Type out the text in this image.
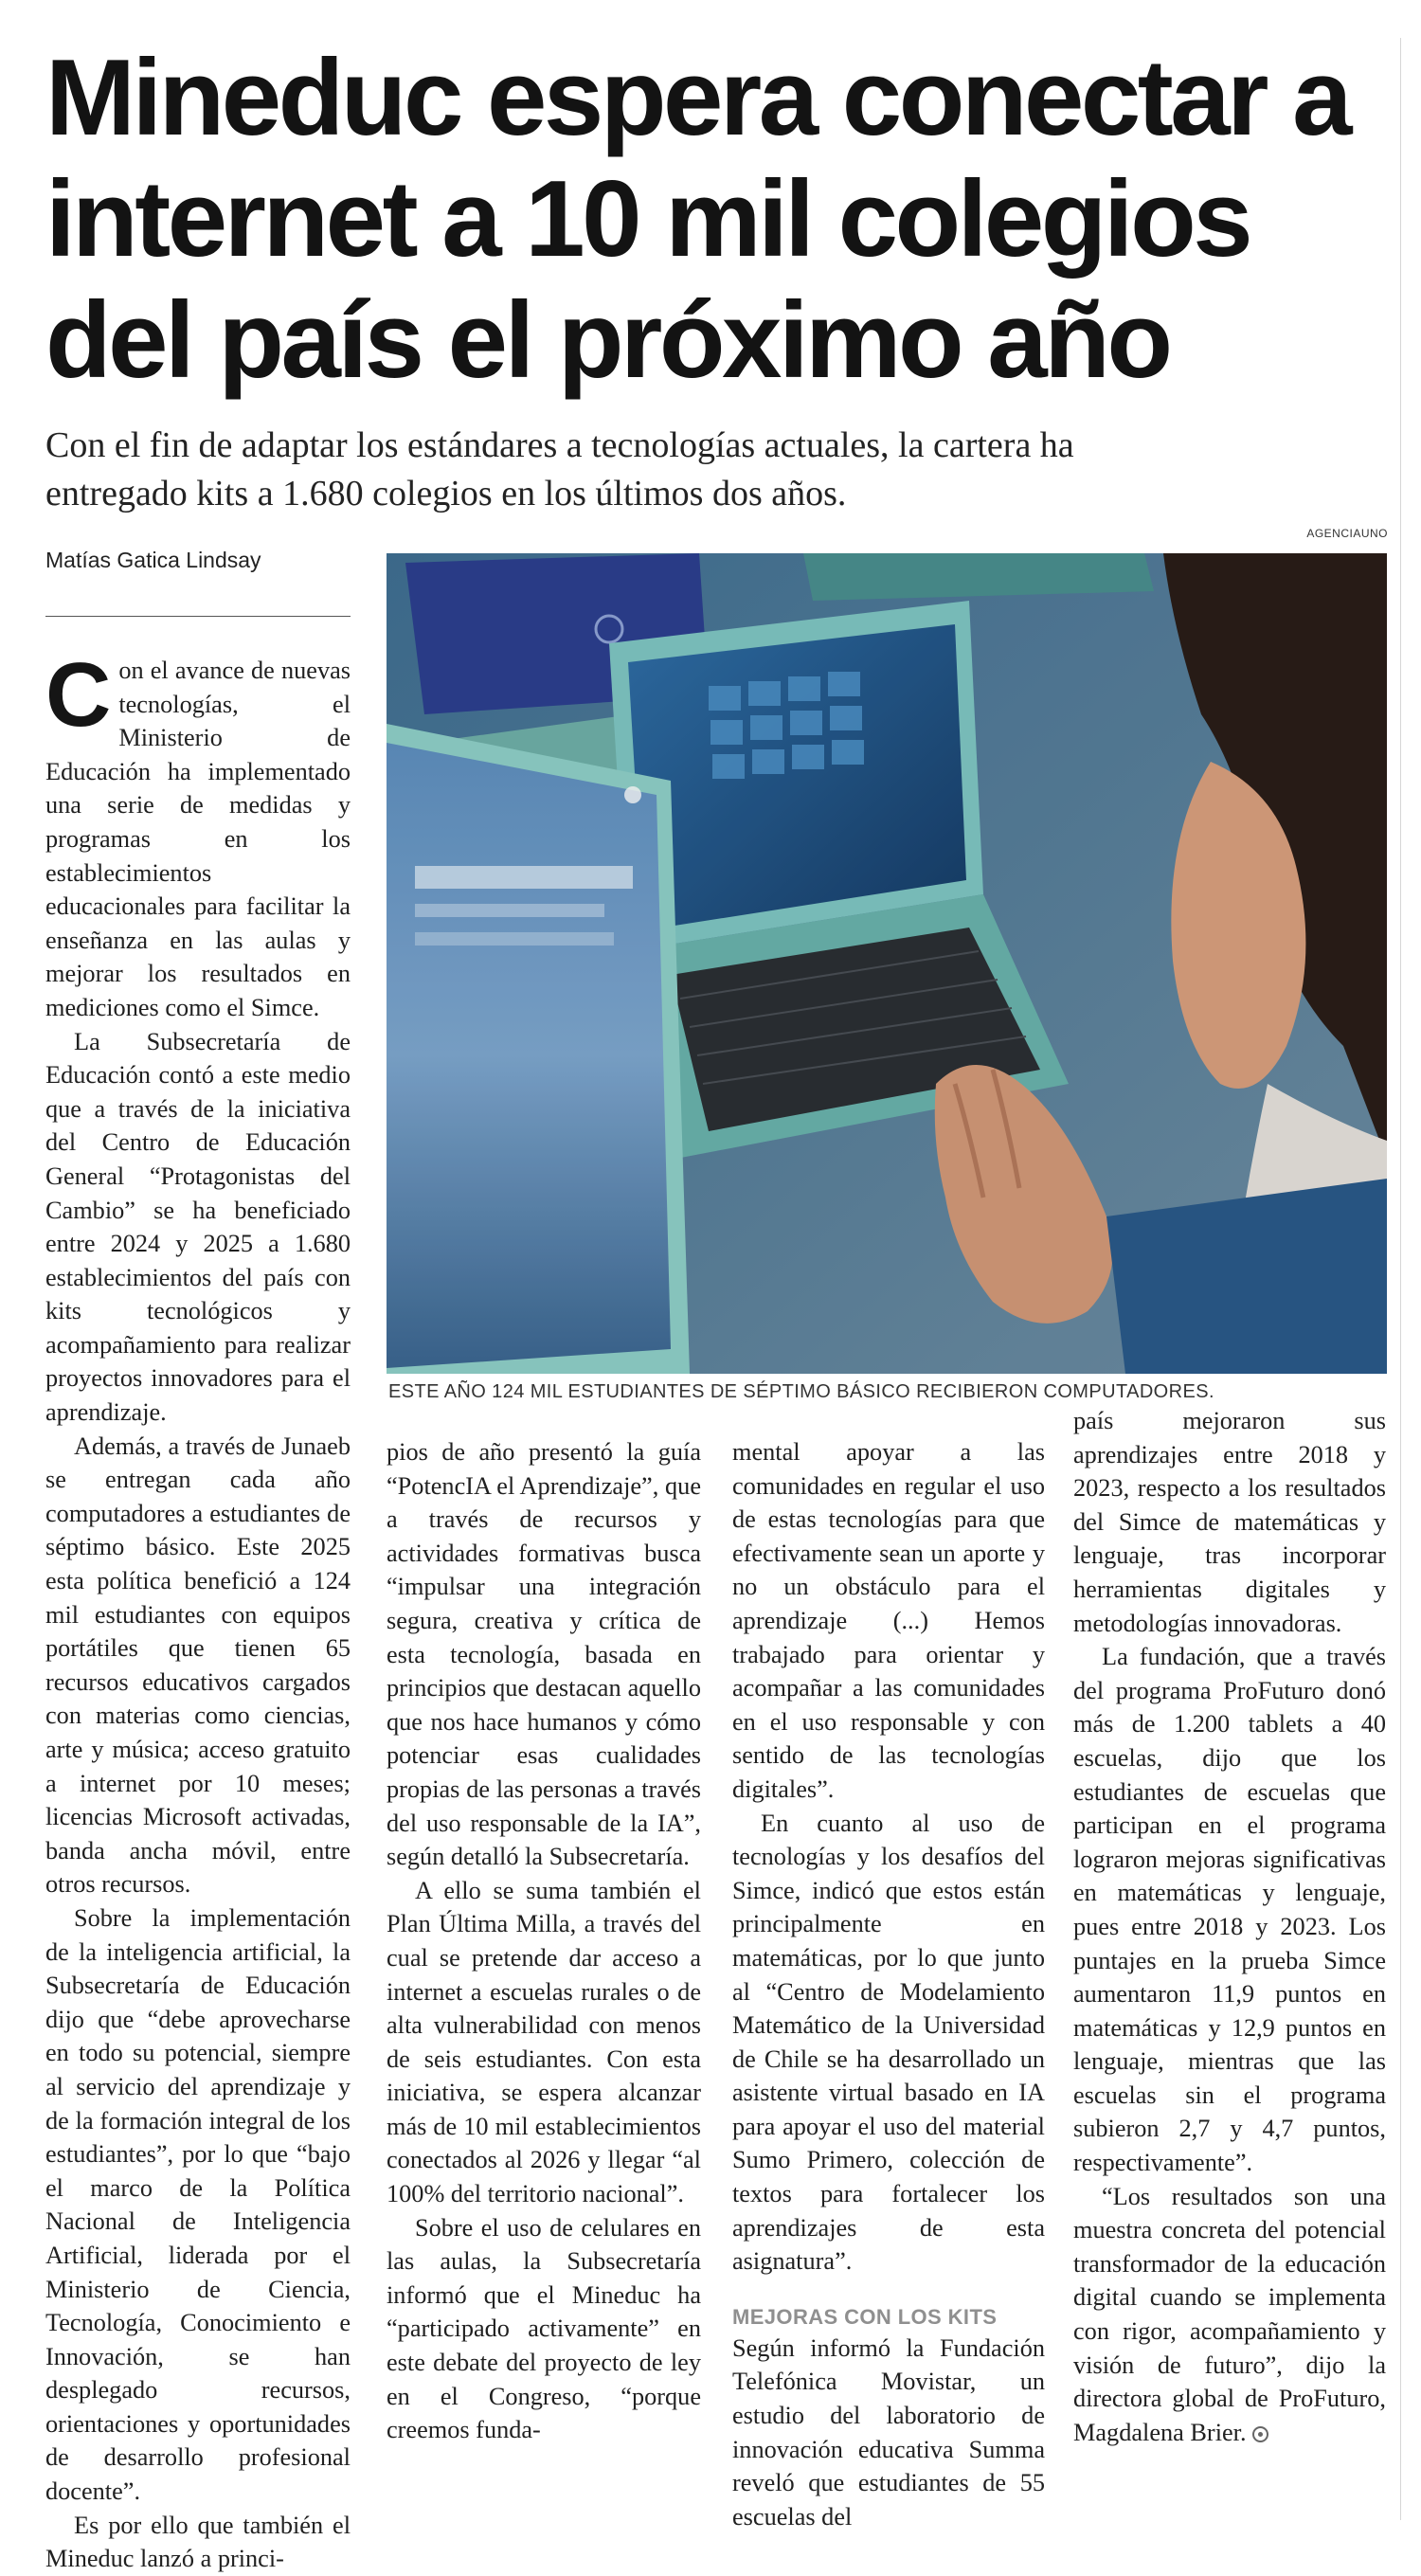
Mineduc espera conectar a
internet a 10 mil colegios
del país el próximo año

Con el fin de adaptar los estándares a tecnologías actuales, la cartera ha
entregado kits a 1.680 colegios en los últimos dos años.

Matías Gatica Lindsay
AGENCIAUNO
ESTE AÑO 124 MIL ESTUDIANTES DE SÉPTIMO BÁSICO RECIBIERON COMPUTADORES.

Con el avance de nuevas tecnologías, el Ministerio de Educación ha implementado una serie de medidas y programas en los establecimientos educacionales para facilitar la enseñanza en las aulas y mejorar los resultados en mediciones como el Simce.

La Subsecretaría de Educación contó a este medio que a través de la iniciativa del Centro de Educación General “Protagonistas del Cambio” se ha beneficiado entre 2024 y 2025 a 1.680 establecimientos del país con kits tecnológicos y acompañamiento para realizar proyectos innovadores para el aprendizaje.

Además, a través de Junaeb se entregan cada año computadores a estudiantes de séptimo básico. Este 2025 esta política benefició a 124 mil estudiantes con equipos portátiles que tienen 65 recursos educativos cargados con materias como ciencias, arte y música; acceso gratuito a internet por 10 meses; licencias Microsoft activadas, banda ancha móvil, entre otros recursos.

Sobre la implementación de la inteligencia artificial, la Subsecretaría de Educación dijo que “debe aprovecharse en todo su potencial, siempre al servicio del aprendizaje y de la formación integral de los estudiantes”, por lo que “bajo el marco de la Política Nacional de Inteligencia Artificial, liderada por el Ministerio de Ciencia, Tecnología, Conocimiento e Innovación, se han desplegado recursos, orientaciones y oportunidades de desarrollo profesional docente”.

Es por ello que también el Mineduc lanzó a princi-

pios de año presentó la guía “PotencIA el Aprendizaje”, que a través de recursos y actividades formativas busca “impulsar una integración segura, creativa y crítica de esta tecnología, basada en principios que destacan aquello que nos hace humanos y cómo potenciar esas cualidades propias de las personas a través del uso responsable de la IA”, según detalló la Subsecretaría.

A ello se suma también el Plan Última Milla, a través del cual se pretende dar acceso a internet a escuelas rurales o de alta vulnerabilidad con menos de seis estudiantes. Con esta iniciativa, se espera alcanzar más de 10 mil establecimientos conectados al 2026 y llegar “al 100% del territorio nacional”.

Sobre el uso de celulares en las aulas, la Subsecretaría informó que el Mineduc ha “participado activamente” en este debate del proyecto de ley en el Congreso, “porque creemos funda-

mental apoyar a las comunidades en regular el uso de estas tecnologías para que efectivamente sean un aporte y no un obstáculo para el aprendizaje (...) Hemos trabajado para orientar y acompañar a las comunidades en el uso responsable y con sentido de las tecnologías digitales”.

En cuanto al uso de tecnologías y los desafíos del Simce, indicó que estos están principalmente en matemáticas, por lo que junto al “Centro de Modelamiento Matemático de la Universidad de Chile se ha desarrollado un asistente virtual basado en IA para apoyar el uso del material Sumo Primero, colección de textos para fortalecer los aprendizajes de esta asignatura”.

MEJORAS CON LOS KITS

Según informó la Fundación Telefónica Movistar, un estudio del laboratorio de innovación educativa Summa reveló que estudiantes de 55 escuelas del

país mejoraron sus aprendizajes entre 2018 y 2023, respecto a los resultados del Simce de matemáticas y lenguaje, tras incorporar herramientas digitales y metodologías innovadoras.

La fundación, que a través del programa ProFuturo donó más de 1.200 tablets a 40 escuelas, dijo que los estudiantes de escuelas que participan en el programa lograron mejoras significativas en matemáticas y lenguaje, pues entre 2018 y 2023. Los puntajes en la prueba Simce aumentaron 11,9 puntos en matemáticas y 12,9 puntos en lenguaje, mientras que las escuelas sin el programa subieron 2,7 y 4,7 puntos, respectivamente”.

“Los resultados son una muestra concreta del potencial transformador de la educación digital cuando se implementa con rigor, acompañamiento y visión de futuro”, dijo la directora global de ProFuturo, Magdalena Brier.
